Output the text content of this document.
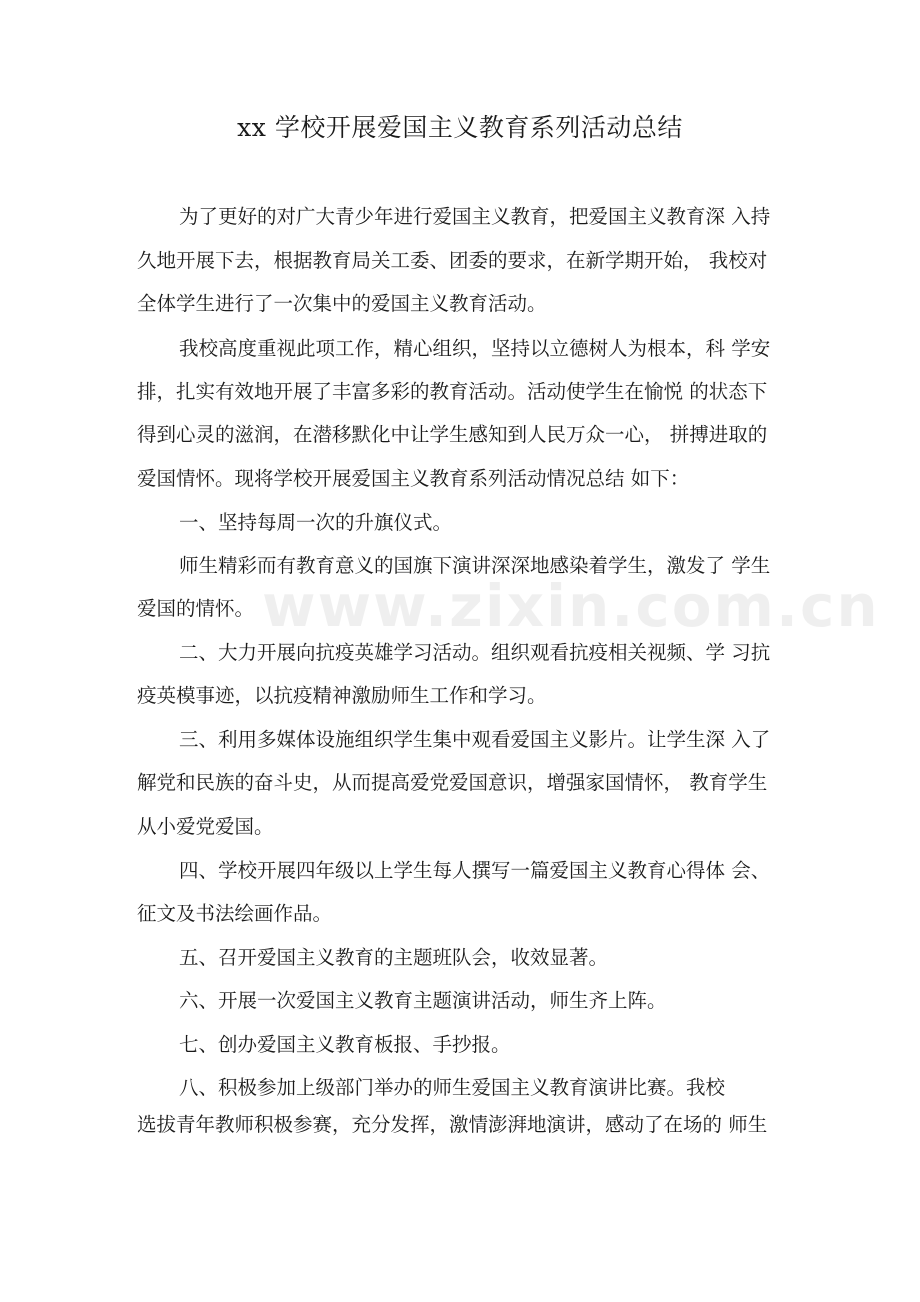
xx 学校开展爱国主义教育系列活动总结
www.zixin.com.cn
为了更好的对广大青少年进行爱国主义教育，把爱国主义教育深 入持
久地开展下去，根据教育局关工委、团委的要求，在新学期开始， 我校对
全体学生进行了一次集中的爱国主义教育活动。
我校高度重视此项工作，精心组织，坚持以立德树人为根本，科 学安
排，扎实有效地开展了丰富多彩的教育活动。活动使学生在愉悦 的状态下
得到心灵的滋润，在潜移默化中让学生感知到人民万众一心， 拼搏进取的
爱国情怀。现将学校开展爱国主义教育系列活动情况总结 如下：
一、坚持每周一次的升旗仪式。
师生精彩而有教育意义的国旗下演讲深深地感染着学生，激发了 学生
爱国的情怀。
二、大力开展向抗疫英雄学习活动。组织观看抗疫相关视频、学 习抗
疫英模事迹，以抗疫精神激励师生工作和学习。
三、利用多媒体设施组织学生集中观看爱国主义影片。让学生深 入了
解党和民族的奋斗史，从而提高爱党爱国意识，增强家国情怀， 教育学生
从小爱党爱国。
四、学校开展四年级以上学生每人撰写一篇爱国主义教育心得体 会、
征文及书法绘画作品。
五、召开爱国主义教育的主题班队会，收效显著。
六、开展一次爱国主义教育主题演讲活动，师生齐上阵。
七、创办爱国主义教育板报、手抄报。
八、积极参加上级部门举办的师生爱国主义教育演讲比赛。我校
选拔青年教师积极参赛，充分发挥，激情澎湃地演讲，感动了在场的 师生
